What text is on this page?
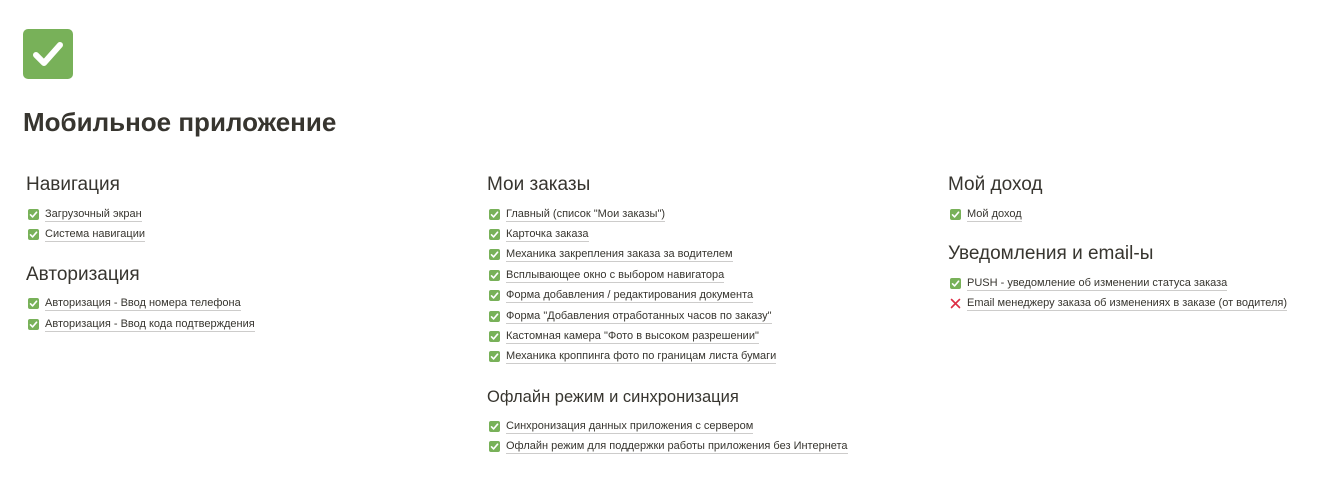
Мобильное приложение
Навигация
Загрузочный экран
Система навигации
Авторизация
Авторизация - Ввод номера телефона
Авторизация - Ввод кода подтверждения
Мои заказы
Главный (список "Мои заказы")
Карточка заказа
Механика закрепления заказа за водителем
Всплывающее окно с выбором навигатора
Форма добавления / редактирования документа
Форма "Добавления отработанных часов по заказу"
Кастомная камера "Фото в высоком разрешении"
Механика кроппинга фото по границам листа бумаги
Офлайн режим и синхронизация
Синхронизация данных приложения с сервером
Офлайн режим для поддержки работы приложения без Интернета
Мой доход
Мой доход
Уведомления и email-ы
PUSH - уведомление об изменении статуса заказа
Email менеджеру заказа об изменениях в заказе (от водителя)
